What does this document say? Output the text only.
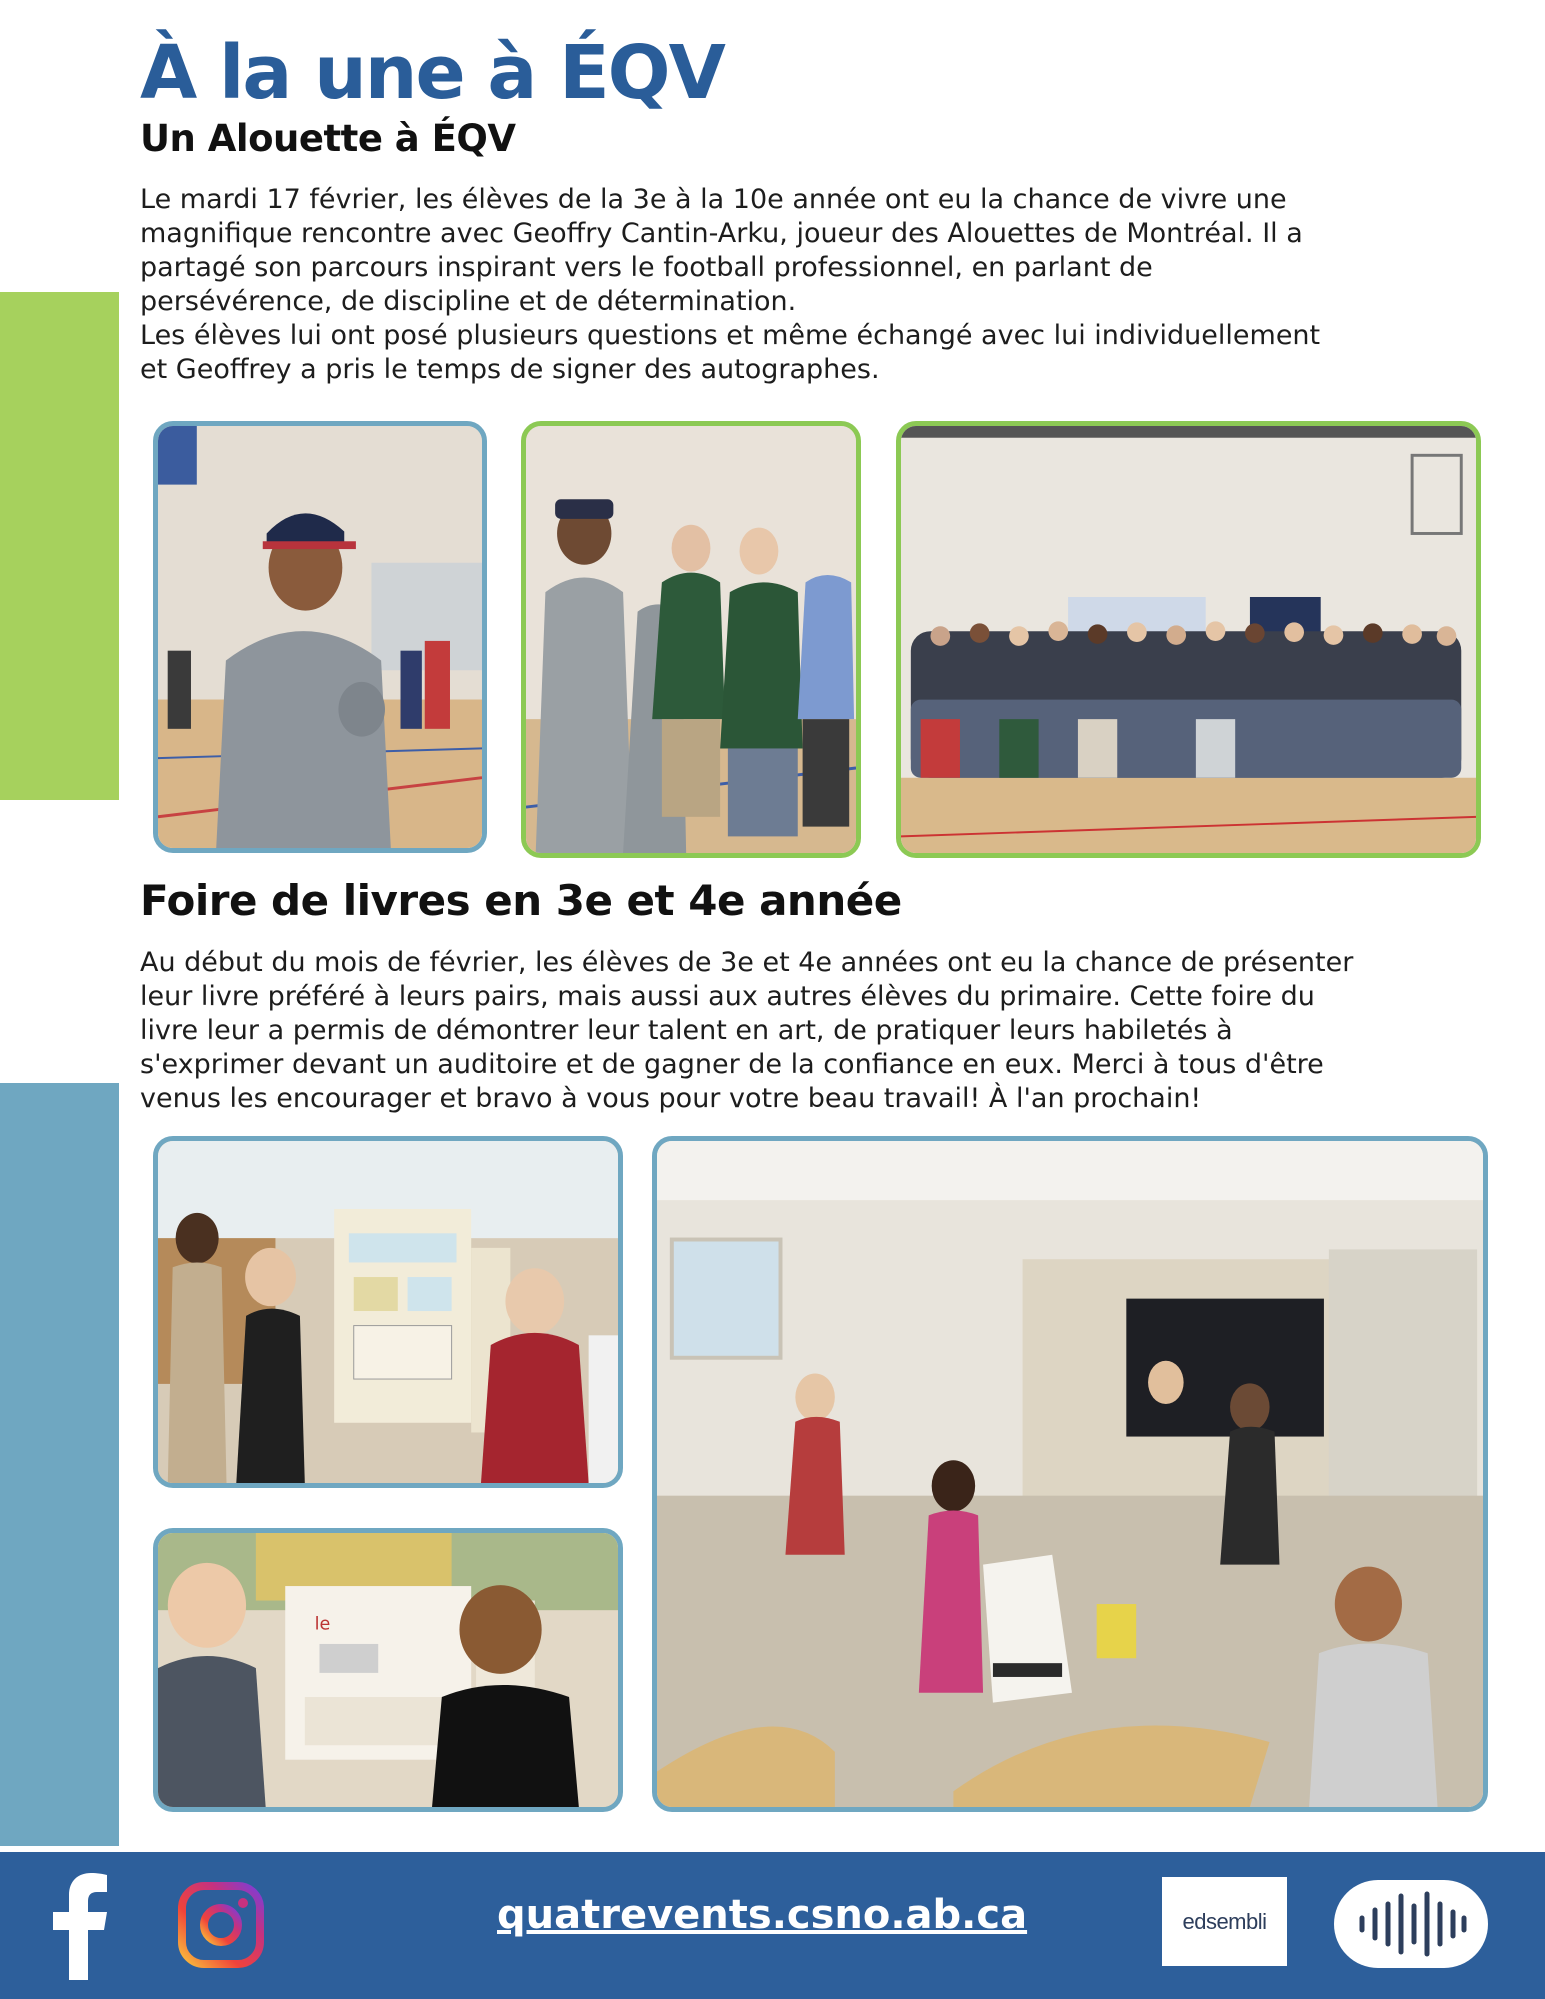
À la une à ÉQV
Un Alouette à ÉQV
Le mardi 17 février, les élèves de la 3e à la 10e année ont eu la chance de vivre une
magnifique rencontre avec Geoffry Cantin-Arku, joueur des Alouettes de Montréal. Il a
partagé son parcours inspirant vers le football professionnel, en parlant de
persévérence, de discipline et de détermination.
Les élèves lui ont posé plusieurs questions et même échangé avec lui individuellement
et Geoffrey a pris le temps de signer des autographes.
Foire de livres en 3e et 4e année
Au début du mois de février, les élèves de 3e et 4e années ont eu la chance de présenter
leur livre préféré à leurs pairs, mais aussi aux autres élèves du primaire. Cette foire du
livre leur a permis de démontrer leur talent en art, de pratiquer leurs habiletés à
s'exprimer devant un auditoire et de gagner de la confiance en eux. Merci à tous d'être
venus les encourager et bravo à vous pour votre beau travail! À l'an prochain!
le
quatrevents.csno.ab.ca	edsembli
